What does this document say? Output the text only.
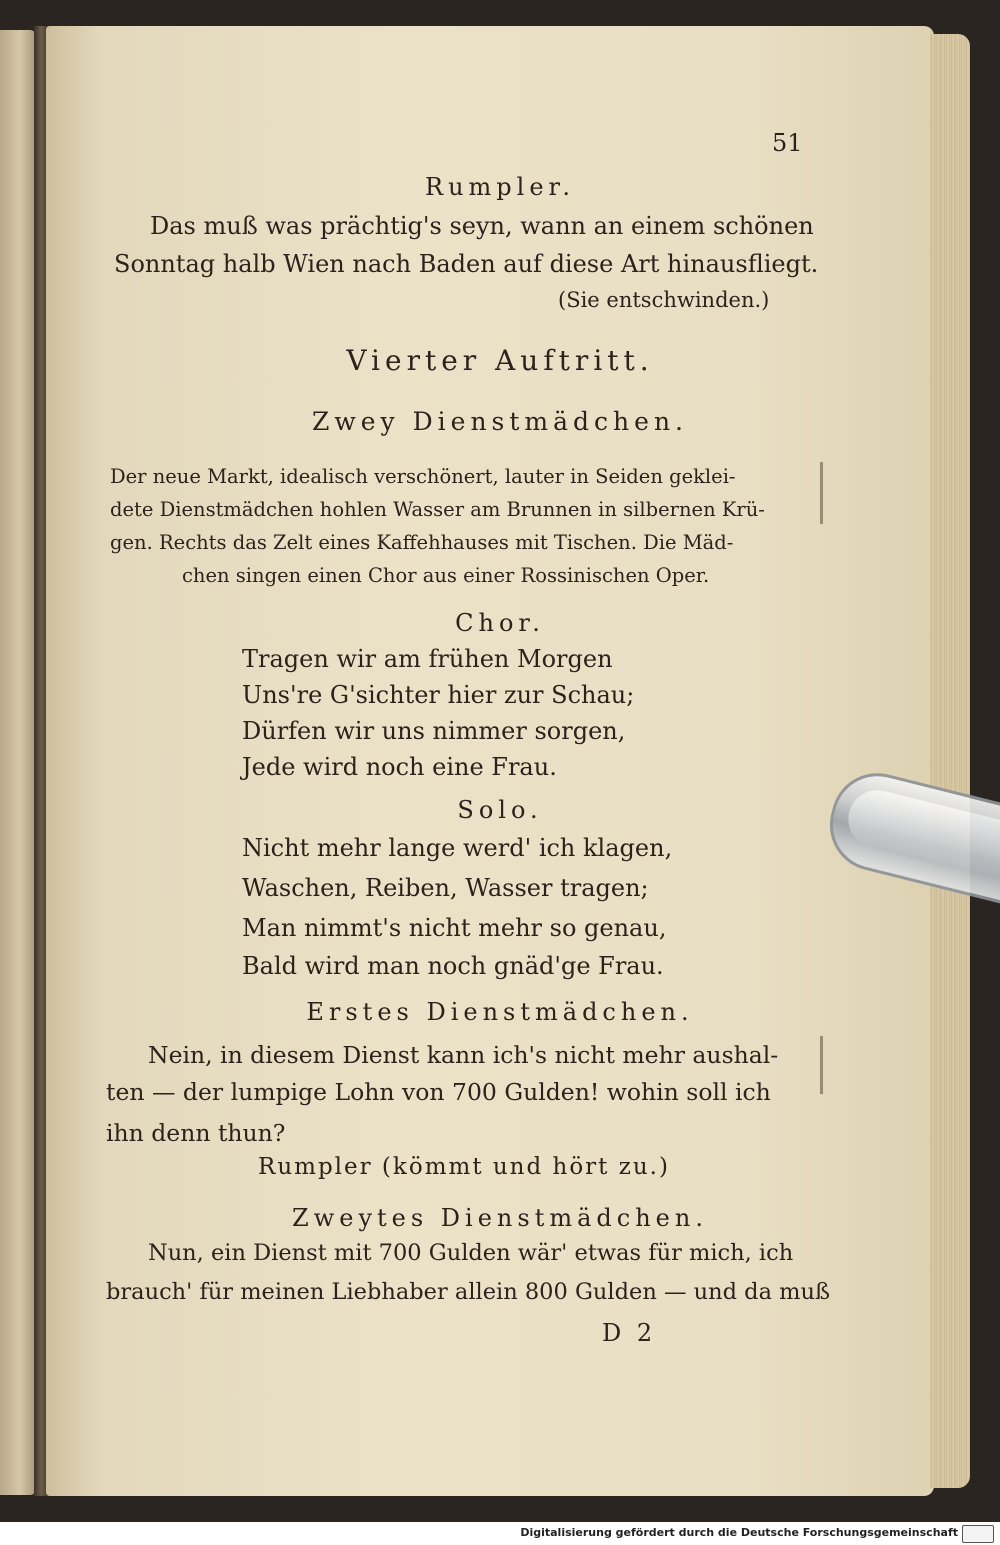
51
Rumpler.
Das muß was prächtig's seyn, wann an einem schönen
Sonntag halb Wien nach Baden auf diese Art hinausfliegt.
(Sie entschwinden.)
Vierter Auftritt.
Zwey Dienstmädchen.
Der neue Markt, idealisch verschönert, lauter in Seiden geklei-
dete Dienstmädchen hohlen Wasser am Brunnen in silbernen Krü-
gen. Rechts das Zelt eines Kaffehhauses mit Tischen. Die Mäd-
chen singen einen Chor aus einer Rossinischen Oper.
Chor.
Tragen wir am frühen Morgen
Uns're G'sichter hier zur Schau;
Dürfen wir uns nimmer sorgen,
Jede wird noch eine Frau.
Solo.
Nicht mehr lange werd' ich klagen,
Waschen, Reiben, Wasser tragen;
Man nimmt's nicht mehr so genau,
Bald wird man noch gnäd'ge Frau.
Erstes Dienstmädchen.
Nein, in diesem Dienst kann ich's nicht mehr aushal-
ten — der lumpige Lohn von 700 Gulden! wohin soll ich
ihn denn thun?
Rumpler (kömmt und hört zu.)
Zweytes Dienstmädchen.
Nun, ein Dienst mit 700 Gulden wär' etwas für mich, ich
brauch' für meinen Liebhaber allein 800 Gulden — und da muß
D 2
Digitalisierung gefördert durch die Deutsche Forschungsgemeinschaft
